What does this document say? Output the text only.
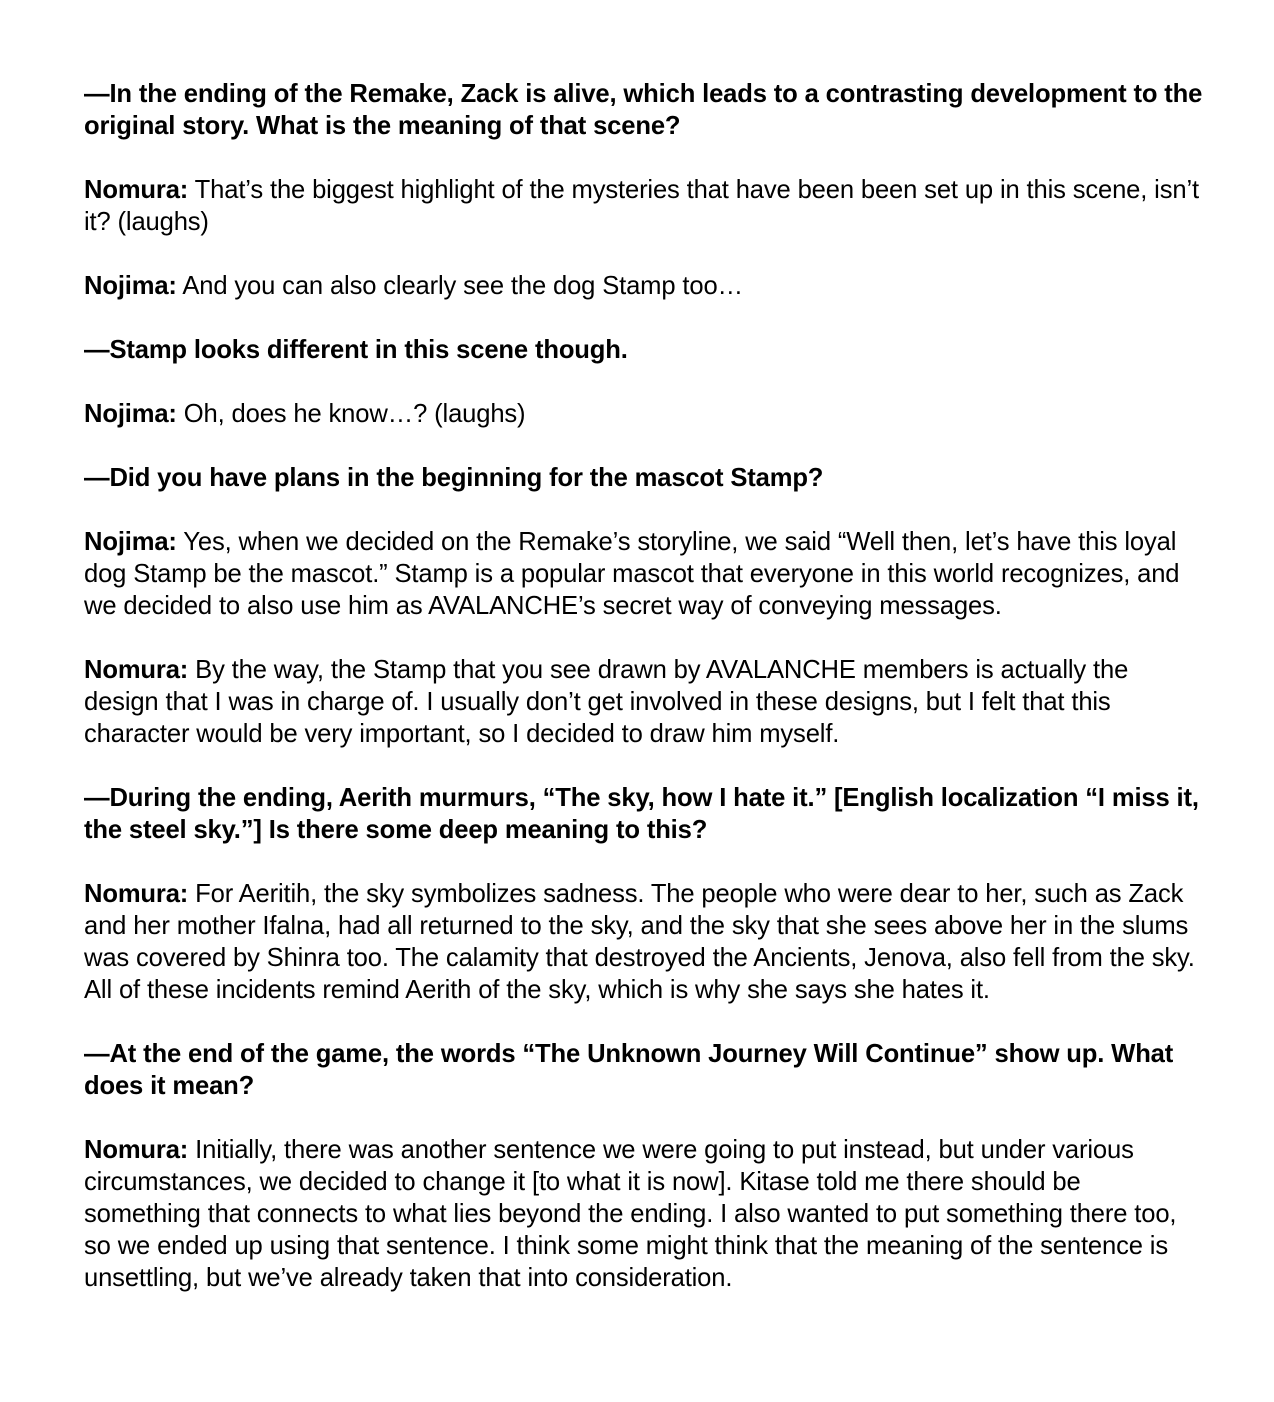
—In the ending of the Remake, Zack is alive, which leads to a contrasting development to the original story. What is the meaning of that scene?

Nomura: That’s the biggest highlight of the mysteries that have been been set up in this scene, isn’t it? (laughs)

Nojima: And you can also clearly see the dog Stamp too…

—Stamp looks different in this scene though.

Nojima: Oh, does he know…? (laughs)

—Did you have plans in the beginning for the mascot Stamp?

Nojima: Yes, when we decided on the Remake’s storyline, we said “Well then, let’s have this loyal dog Stamp be the mascot.” Stamp is a popular mascot that everyone in this world recognizes, and we decided to also use him as AVALANCHE’s secret way of conveying messages.

Nomura: By the way, the Stamp that you see drawn by AVALANCHE members is actually the design that I was in charge of. I usually don’t get involved in these designs, but I felt that this character would be very important, so I decided to draw him myself.

—During the ending, Aerith murmurs, “The sky, how I hate it.” [English localization “I miss it, the steel sky.”] Is there some deep meaning to this?

Nomura: For Aeritih, the sky symbolizes sadness. The people who were dear to her, such as Zack and her mother Ifalna, had all returned to the sky, and the sky that she sees above her in the slums was covered by Shinra too. The calamity that destroyed the Ancients, Jenova, also fell from the sky. All of these incidents remind Aerith of the sky, which is why she says she hates it.

—At the end of the game, the words “The Unknown Journey Will Continue” show up. What does it mean?

Nomura: Initially, there was another sentence we were going to put instead, but under various circumstances, we decided to change it [to what it is now]. Kitase told me there should be something that connects to what lies beyond the ending. I also wanted to put something there too, so we ended up using that sentence. I think some might think that the meaning of the sentence is unsettling, but we’ve already taken that into consideration.
